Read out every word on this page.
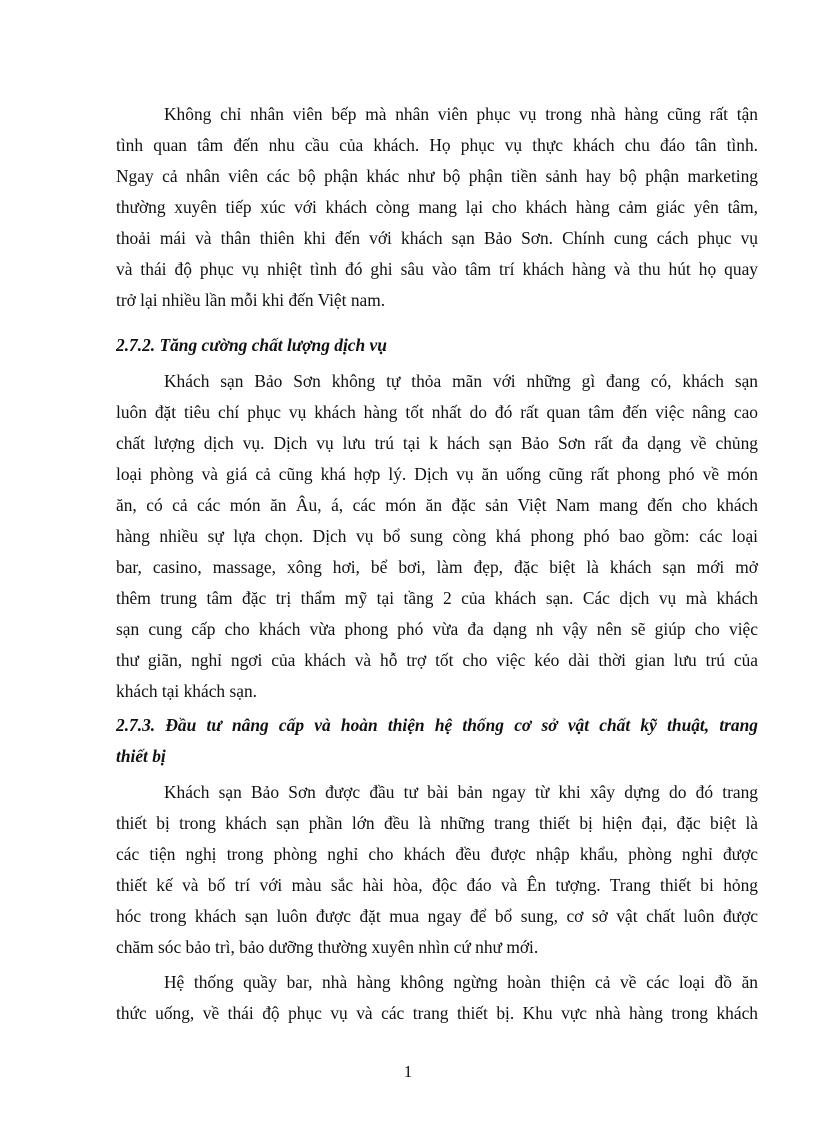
Không chỉ nhân viên bếp mà nhân viên phục vụ trong nhà hàng cũng rất tận
tình quan tâm đến nhu cầu của khách. Họ phục vụ thực khách chu đáo tân tình.
Ngay cả nhân viên các bộ phận khác như bộ phận tiền sảnh hay bộ phận marketing
thường xuyên tiếp xúc với khách còng mang lại cho khách hàng cảm giác yên tâm,
thoải mái và thân thiên khi đến với khách sạn Bảo Sơn. Chính cung cách phục vụ
và thái độ phục vụ nhiệt tình đó ghi sâu vào tâm trí khách hàng và thu hút họ quay
trở lại nhiều lần mỗi khi đến Việt nam.
2.7.2. Tăng cường chất lượng dịch vụ
Khách sạn Bảo Sơn không tự thỏa mãn với những gì đang có, khách sạn
luôn đặt tiêu chí phục vụ khách hàng tốt nhất do đó rất quan tâm đến việc nâng cao
chất lượng dịch vụ. Dịch vụ lưu trú tại k hách sạn Bảo Sơn rất đa dạng về chủng
loại phòng và giá cả cũng khá hợp lý. Dịch vụ ăn uống cũng rất phong phó về món
ăn, có cả các món ăn Âu, á, các món ăn đặc sản Việt Nam mang đến cho khách
hàng nhiều sự lựa chọn. Dịch vụ bổ sung còng khá phong phó bao gồm: các loại
bar, casino, massage, xông hơi, bể bơi, làm đẹp, đặc biệt là khách sạn mới mở
thêm trung tâm đặc trị thẩm mỹ tại tầng 2 của khách sạn. Các dịch vụ mà khách
sạn cung cấp cho khách vừa phong phó vừa đa dạng nh vậy nên sẽ giúp cho việc
thư giãn, nghỉ ngơi của khách và hỗ trợ tốt cho việc kéo dài thời gian lưu trú của
khách tại khách sạn.
2.7.3. Đầu tư nâng cấp và hoàn thiện hệ thống cơ sở vật chất kỹ thuật, trang
thiết bị
Khách sạn Bảo Sơn được đầu tư bài bản ngay từ khi xây dựng do đó trang
thiết bị trong khách sạn phần lớn đều là những trang thiết bị hiện đại, đặc biệt là
các tiện nghị trong phòng nghỉ cho khách đều được nhập khẩu, phòng nghỉ được
thiết kế và bố trí với màu sắc hài hòa, độc đáo và Ên tượng. Trang thiết bi hỏng
hóc trong khách sạn luôn được đặt mua ngay để bổ sung, cơ sở vật chất luôn được
chăm sóc bảo trì, bảo dưỡng thường xuyên nhìn cứ như mới.
Hệ thống quầy bar, nhà hàng không ngừng hoàn thiện cả về các loại đồ ăn
thức uống, về thái độ phục vụ và các trang thiết bị. Khu vực nhà hàng trong khách
1
